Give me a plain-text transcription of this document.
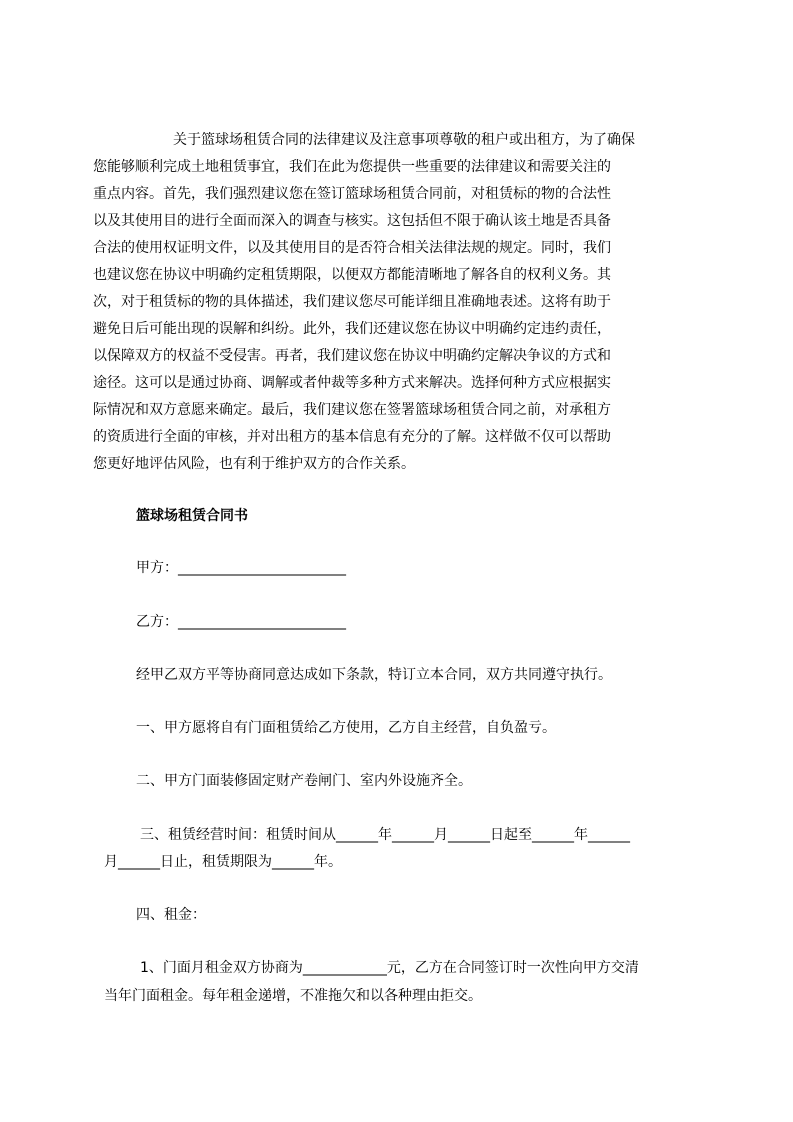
关于篮球场租赁合同的法律建议及注意事项尊敬的租户或出租方，为了确保
您能够顺利完成土地租赁事宜，我们在此为您提供一些重要的法律建议和需要关注的
重点内容。首先，我们强烈建议您在签订篮球场租赁合同前，对租赁标的物的合法性
以及其使用目的进行全面而深入的调查与核实。这包括但不限于确认该土地是否具备
合法的使用权证明文件，以及其使用目的是否符合相关法律法规的规定。同时，我们
也建议您在协议中明确约定租赁期限，以便双方都能清晰地了解各自的权利义务。其
次，对于租赁标的物的具体描述，我们建议您尽可能详细且准确地表述。这将有助于
避免日后可能出现的误解和纠纷。此外，我们还建议您在协议中明确约定违约责任，
以保障双方的权益不受侵害。再者，我们建议您在协议中明确约定解决争议的方式和
途径。这可以是通过协商、调解或者仲裁等多种方式来解决。选择何种方式应根据实
际情况和双方意愿来确定。最后，我们建议您在签署篮球场租赁合同之前，对承租方
的资质进行全面的审核，并对出租方的基本信息有充分的了解。这样做不仅可以帮助
您更好地评估风险，也有利于维护双方的合作关系。
篮球场租赁合同书
甲方：________________________
乙方：________________________
经甲乙双方平等协商同意达成如下条款，特订立本合同，双方共同遵守执行。
一、甲方愿将自有门面租赁给乙方使用，乙方自主经营，自负盈亏。
二、甲方门面装修固定财产卷闸门、室内外设施齐全。
三、租赁经营时间：租赁时间从______年______月______日起至______年______
月______日止，租赁期限为______年。
四、租金：
1、门面月租金双方协商为____________元，乙方在合同签订时一次性向甲方交清
当年门面租金。每年租金递增，不准拖欠和以各种理由拒交。
